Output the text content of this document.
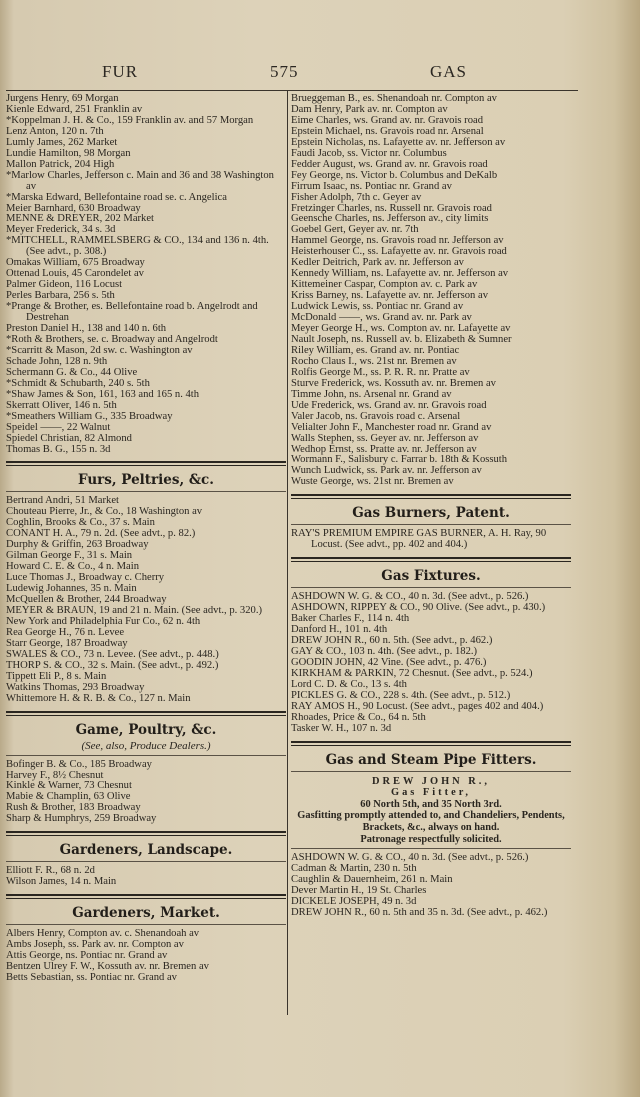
FUR	575	GAS
Jurgens Henry, 69 Morgan
Kienle Edward, 251 Franklin av
*Koppelman J. H. & Co., 159 Franklin av. and 57 Morgan
Lenz Anton, 120 n. 7th
Lumly James, 262 Market
Lundie Hamilton, 98 Morgan
Mallon Patrick, 204 High
*Marlow Charles, Jefferson c. Main and 36 and 38 Washington av
*Marska Edward, Bellefontaine road se. c. Angelica
Meier Barnhard, 630 Broadway
MENNE & DREYER, 202 Market
Meyer Frederick, 34 s. 3d
*MITCHELL, RAMMELSBERG & CO., 134 and 136 n. 4th. (See advt., p. 308.)
Omakas William, 675 Broadway
Ottenad Louis, 45 Carondelet av
Palmer Gideon, 116 Locust
Perles Barbara, 256 s. 5th
*Prange & Brother, es. Bellefontaine road b. Angelrodt and Destrehan
Preston Daniel H., 138 and 140 n. 6th
*Roth & Brothers, se. c. Broadway and Angelrodt
*Scarritt & Mason, 2d sw. c. Washington av
Schade John, 128 n. 9th
Schermann G. & Co., 44 Olive
*Schmidt & Schubarth, 240 s. 5th
*Shaw James & Son, 161, 163 and 165 n. 4th
Skerratt Oliver, 146 n. 5th
*Smeathers William G., 335 Broadway
Speidel ——, 22 Walnut
Spiedel Christian, 82 Almond
Thomas B. G., 155 n. 3d
Furs, Peltries, &c.
Bertrand Andri, 51 Market
Chouteau Pierre, Jr., & Co., 18 Washington av
Coghlin, Brooks & Co., 37 s. Main
CONANT H. A., 79 n. 2d. (See advt., p. 82.)
Durphy & Griffin, 263 Broadway
Gilman George F., 31 s. Main
Howard C. E. & Co., 4 n. Main
Luce Thomas J., Broadway c. Cherry
Ludewig Johannes, 35 n. Main
McQuellen & Brother, 244 Broadway
MEYER & BRAUN, 19 and 21 n. Main. (See advt., p. 320.)
New York and Philadelphia Fur Co., 62 n. 4th
Rea George H., 76 n. Levee
Starr George, 187 Broadway
SWALES & CO., 73 n. Levee. (See advt., p. 448.)
THORP S. & CO., 32 s. Main. (See advt., p. 492.)
Tippett Eli P., 8 s. Main
Watkins Thomas, 293 Broadway
Whittemore H. & R. B. & Co., 127 n. Main
Game, Poultry, &c.
(See, also, Produce Dealers.)
Bofinger B. & Co., 185 Broadway
Harvey F., 8½ Chesnut
Kinkle & Warner, 73 Chesnut
Mabie & Champlin, 63 Olive
Rush & Brother, 183 Broadway
Sharp & Humphrys, 259 Broadway
Gardeners, Landscape.
Elliott F. R., 68 n. 2d
Wilson James, 14 n. Main
Gardeners, Market.
Albers Henry, Compton av. c. Shenandoah av
Ambs Joseph, ss. Park av. nr. Compton av
Attis George, ns. Pontiac nr. Grand av
Bentzen Ulrey F. W., Kossuth av. nr. Bremen av
Betts Sebastian, ss. Pontiac nr. Grand av
Brueggeman B., es. Shenandoah nr. Compton av
Dam Henry, Park av. nr. Compton av
Eime Charles, ws. Grand av. nr. Gravois road
Epstein Michael, ns. Gravois road nr. Arsenal
Epstein Nicholas, ns. Lafayette av. nr. Jefferson av
Faudi Jacob, ss. Victor nr. Columbus
Fedder August, ws. Grand av. nr. Gravois road
Fey George, ns. Victor b. Columbus and DeKalb
Firrum Isaac, ns. Pontiac nr. Grand av
Fisher Adolph, 7th c. Geyer av
Fretzinger Charles, ns. Russell nr. Gravois road
Geensche Charles, ns. Jefferson av., city limits
Goebel Gert, Geyer av. nr. 7th
Hammel George, ns. Gravois road nr. Jefferson av
Heisterhouser C., ss. Lafayette av. nr. Gravois road
Kedler Deitrich, Park av. nr. Jefferson av
Kennedy William, ns. Lafayette av. nr. Jefferson av
Kittemeiner Caspar, Compton av. c. Park av
Kriss Barney, ns. Lafayette av. nr. Jefferson av
Ludwick Lewis, ss. Pontiac nr. Grand av
McDonald ——, ws. Grand av. nr. Park av
Meyer George H., ws. Compton av. nr. Lafayette av
Nault Joseph, ns. Russell av. b. Elizabeth & Sumner
Riley William, es. Grand av. nr. Pontiac
Rocho Claus I., ws. 21st nr. Bremen av
Rolfis George M., ss. P. R. R. nr. Pratte av
Sturve Frederick, ws. Kossuth av. nr. Bremen av
Timme John, ns. Arsenal nr. Grand av
Ude Frederick, ws. Grand av. nr. Gravois road
Valer Jacob, ns. Gravois road c. Arsenal
Velialter John F., Manchester road nr. Grand av
Walls Stephen, ss. Geyer av. nr. Jefferson av
Wedhop Ernst, ss. Pratte av. nr. Jefferson av
Wormann F., Salisbury c. Farrar b. 18th & Kossuth
Wunch Ludwick, ss. Park av. nr. Jefferson av
Wuste George, ws. 21st nr. Bremen av
Gas Burners, Patent.
RAY'S PREMIUM EMPIRE GAS BURNER, A. H. Ray, 90 Locust. (See advt., pp. 402 and 404.)
Gas Fixtures.
ASHDOWN W. G. & CO., 40 n. 3d. (See advt., p. 526.)
ASHDOWN, RIPPEY & CO., 90 Olive. (See advt., p. 430.)
Baker Charles F., 114 n. 4th
Danford H., 101 n. 4th
DREW JOHN R., 60 n. 5th. (See advt., p. 462.)
GAY & CO., 103 n. 4th. (See advt., p. 182.)
GOODIN JOHN, 42 Vine. (See advt., p. 476.)
KIRKHAM & PARKIN, 72 Chesnut. (See advt., p. 524.)
Lord C. D. & Co., 13 s. 4th
PICKLES G. & CO., 228 s. 4th. (See advt., p. 512.)
RAY AMOS H., 90 Locust. (See advt., pages 402 and 404.)
Rhoades, Price & Co., 64 n. 5th
Tasker W. H., 107 n. 3d
Gas and Steam Pipe Fitters.
DREW JOHN R.,
Gas Fitter,
60 North 5th, and 35 North 3rd.
Gasfitting promptly attended to, and Chandeliers, Pendents, Brackets, &c., always on hand.
Patronage respectfully solicited.
ASHDOWN W. G. & CO., 40 n. 3d. (See advt., p. 526.)
Cadman & Martin, 230 n. 5th
Caughlin & Dauernheim, 261 n. Main
Dever Martin H., 19 St. Charles
DICKELE JOSEPH, 49 n. 3d
DREW JOHN R., 60 n. 5th and 35 n. 3d. (See advt., p. 462.)
